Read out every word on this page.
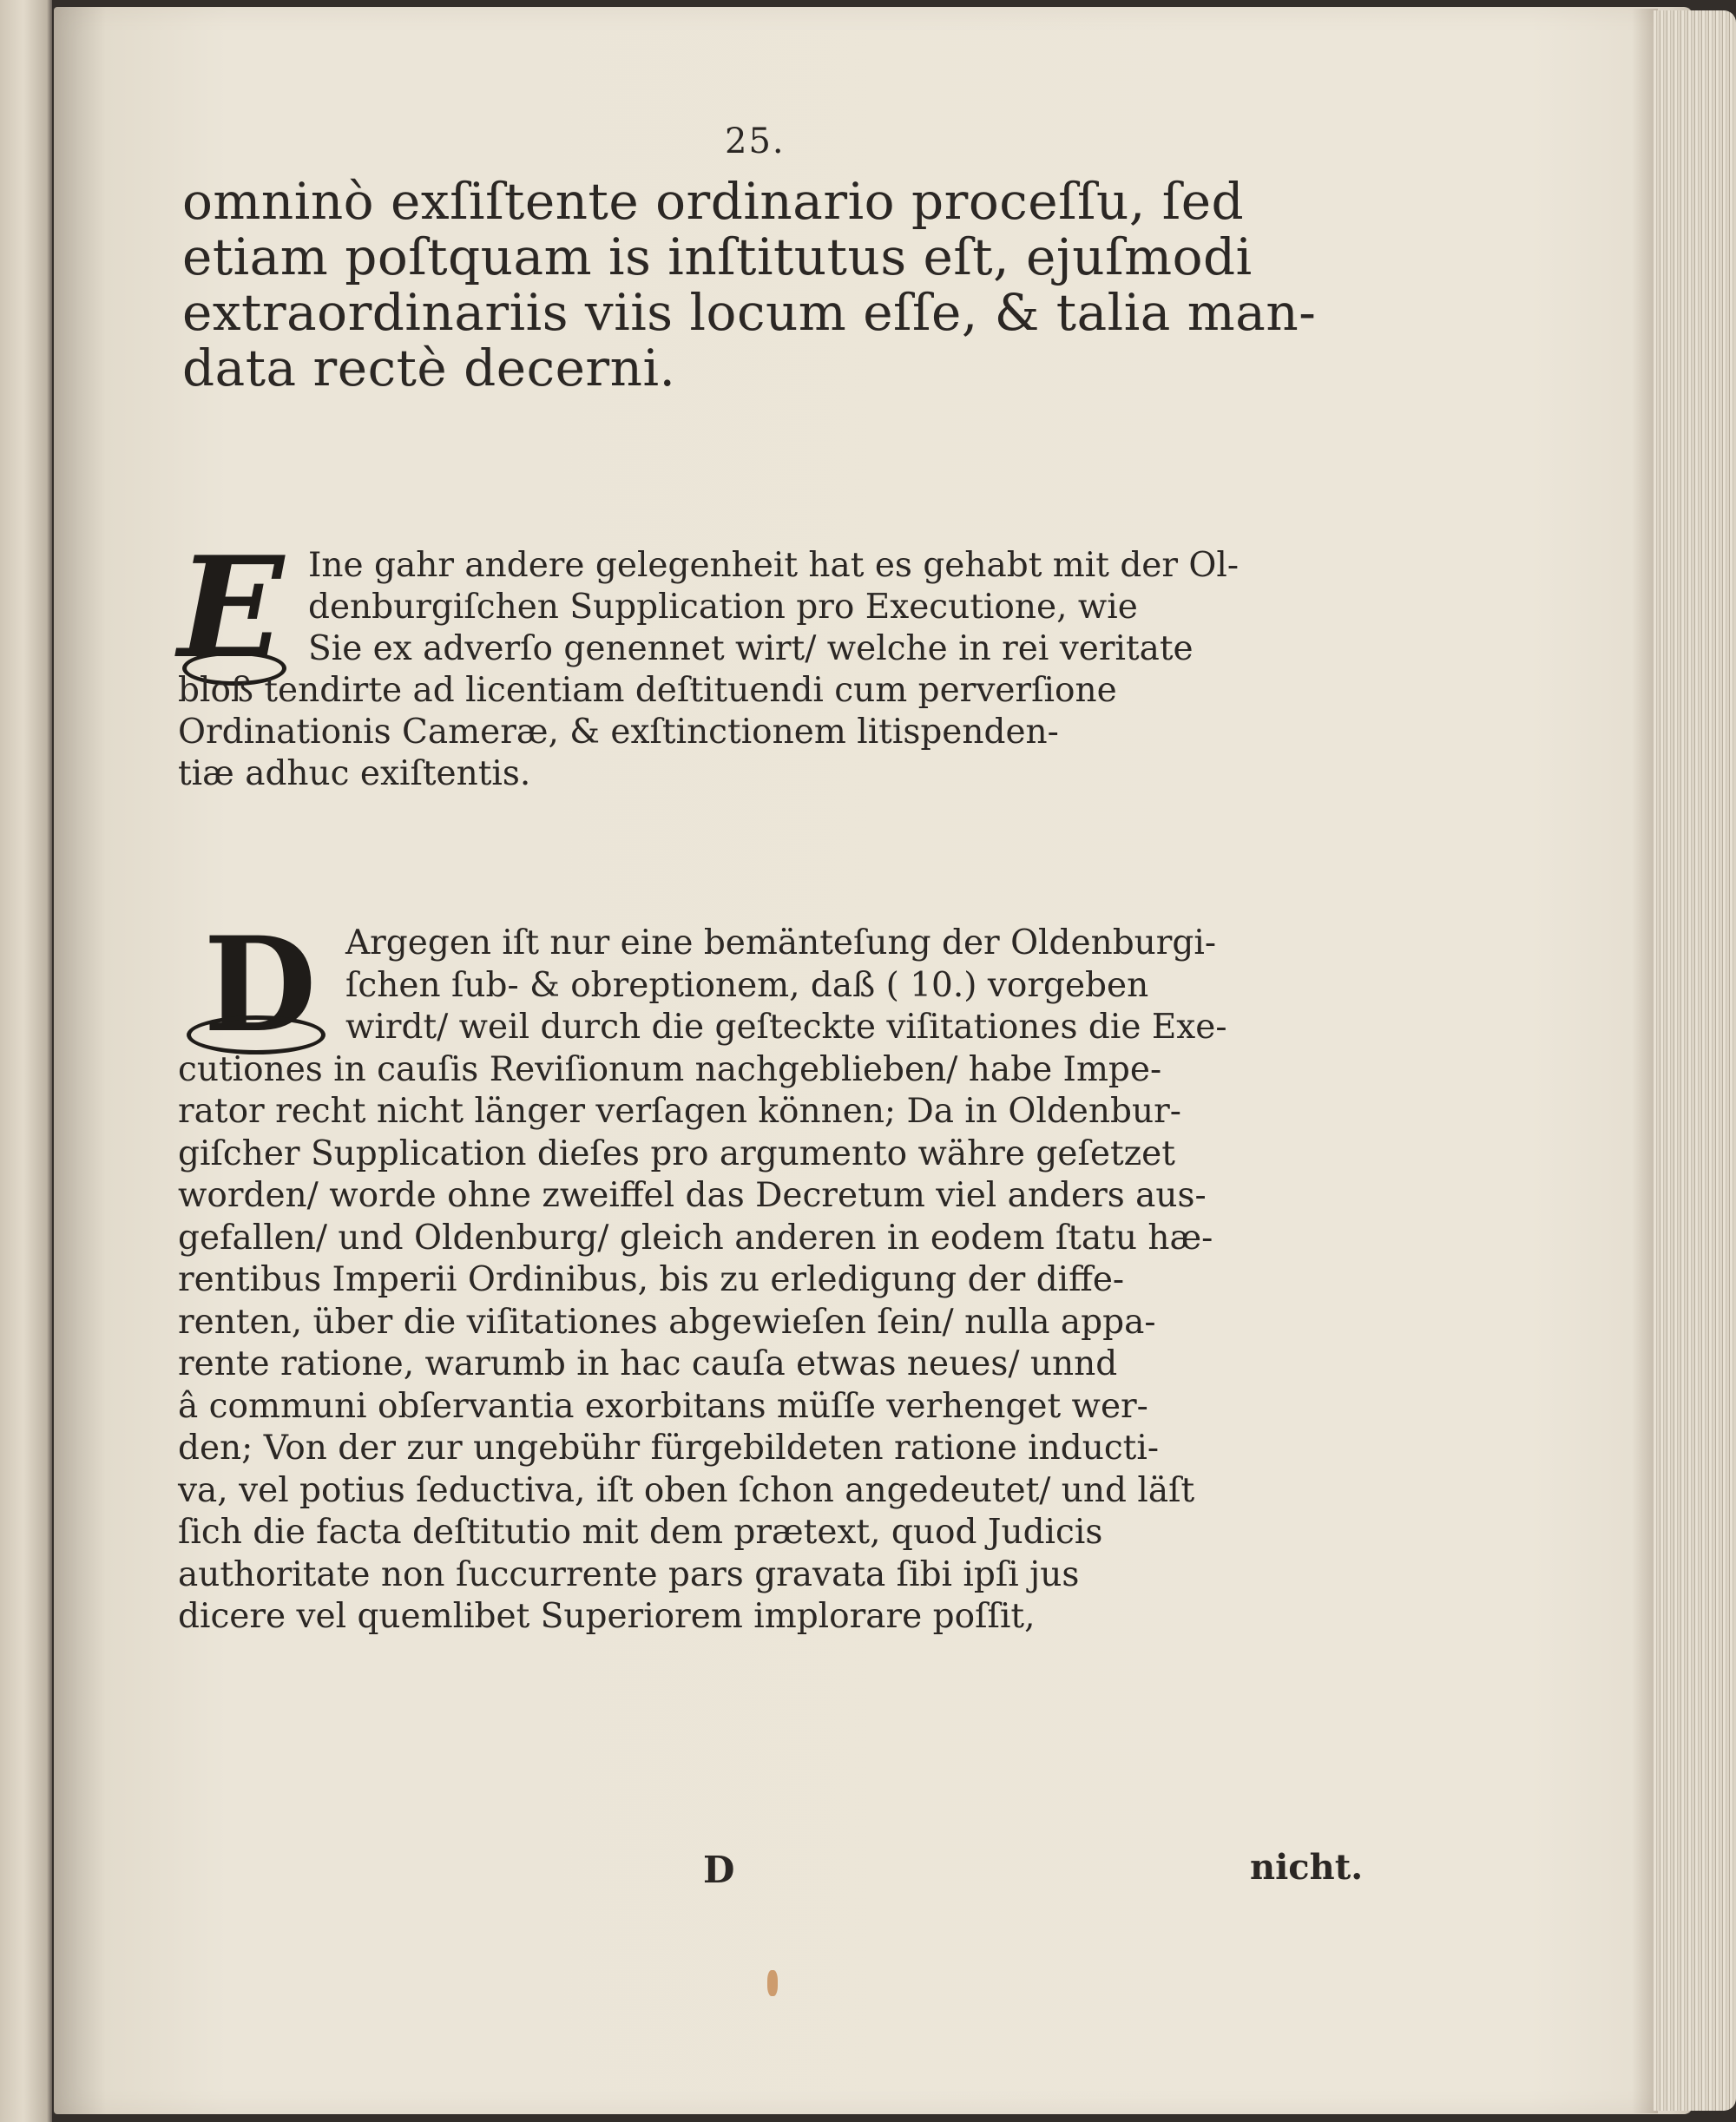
25.
omninò exſiſtente ordinario proceſſu, ſed
etiam poſtquam is inſtitutus eſt, ejuſmodi
extraordinariis viis locum eſſe, & talia man-
data rectè decerni.
E Ine gahr andere gelegenheit hat es gehabt mit der Ol-
denburgiſchen Supplication pro Executione, wie
Sie ex adverſo genennet wirt/ welche in rei veritate
bloß tendirte ad licentiam deſtituendi cum perverſione
Ordinationis Cameræ, & exſtinctionem litispenden-
tiæ adhuc exiſtentis.
D Argegen iſt nur eine bemänteſung der Oldenburgi-
ſchen ſub- & obreptionem, daß ( 10.) vorgeben
wirdt/ weil durch die geſteckte viſitationes die Exe-
cutiones in cauſis Reviſionum nachgeblieben/ habe Impe-
rator recht nicht länger verſagen können; Da in Oldenbur-
giſcher Supplication dieſes pro argumento währe geſetzet
worden/ worde ohne zweiffel das Decretum viel anders aus-
gefallen/ und Oldenburg/ gleich anderen in eodem ſtatu hæ-
rentibus Imperii Ordinibus, bis zu erledigung der diffe-
renten, über die viſitationes abgewieſen ſein/ nulla appa-
rente ratione, warumb in hac cauſa etwas neues/ unnd
â communi obſervantia exorbitans müſſe verhenget wer-
den; Von der zur ungebühr fürgebildeten ratione inducti-
va, vel potius ſeductiva, iſt oben ſchon angedeutet/ und läſt
ſich die facta deſtitutio mit dem prætext, quod Judicis
authoritate non ſuccurrente pars gravata ſibi ipſi jus
dicere vel quemlibet Superiorem implorare poſſit,
D	nicht.
